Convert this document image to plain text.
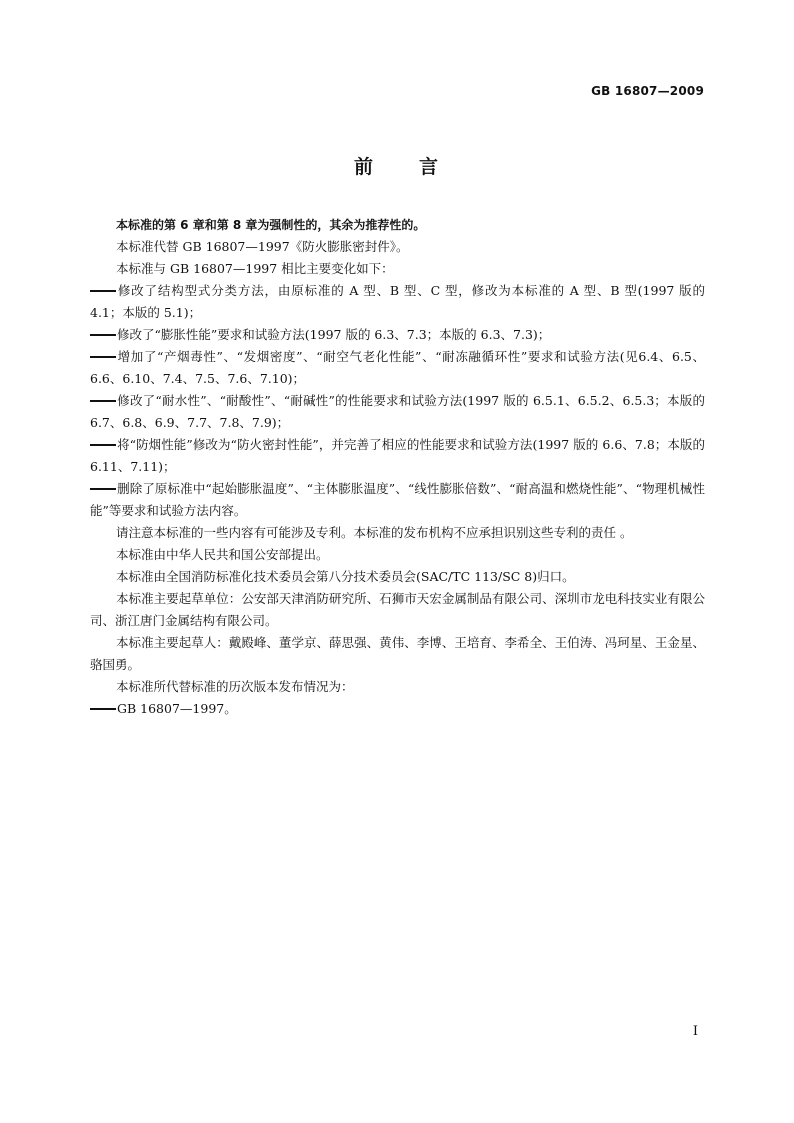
GB 16807—2009
前 言

本标准的第 6 章和第 8 章为强制性的，其余为推荐性的。

本标准代替 GB 16807—1997《防火膨胀密封件》。

本标准与 GB 16807—1997 相比主要变化如下：

修改了结构型式分类方法，由原标准的 A 型、B 型、C 型，修改为本标准的 A 型、B 型(1997 版的 4.1；本版的 5.1)；

修改了“膨胀性能”要求和试验方法(1997 版的 6.3、7.3；本版的 6.3、7.3)；

增加了“产烟毒性”、“发烟密度”、“耐空气老化性能”、“耐冻融循环性”要求和试验方法(见6.4、6.5、6.6、6.10、7.4、7.5、7.6、7.10)；

修改了“耐水性”、“耐酸性”、“耐碱性”的性能要求和试验方法(1997 版的 6.5.1、6.5.2、6.5.3；本版的 6.7、6.8、6.9、7.7、7.8、7.9)；

将“防烟性能”修改为“防火密封性能”，并完善了相应的性能要求和试验方法(1997 版的 6.6、7.8；本版的 6.11、7.11)；

删除了原标准中“起始膨胀温度”、“主体膨胀温度”、“线性膨胀倍数”、“耐高温和燃烧性能”、“物理机械性能”等要求和试验方法内容。

请注意本标准的一些内容有可能涉及专利。本标准的发布机构不应承担识别这些专利的责任 。

本标准由中华人民共和国公安部提出。

本标准由全国消防标准化技术委员会第八分技术委员会(SAC/TC 113/SC 8)归口。

本标准主要起草单位：公安部天津消防研究所、石狮市天宏金属制品有限公司、深圳市龙电科技实业有限公司、浙江唐门金属结构有限公司。

本标准主要起草人：戴殿峰、董学京、薛思强、黄伟、李博、王培育、李希全、王伯涛、冯珂星、王金星、骆国勇。

本标准所代替标准的历次版本发布情况为：

GB 16807—1997。

I
